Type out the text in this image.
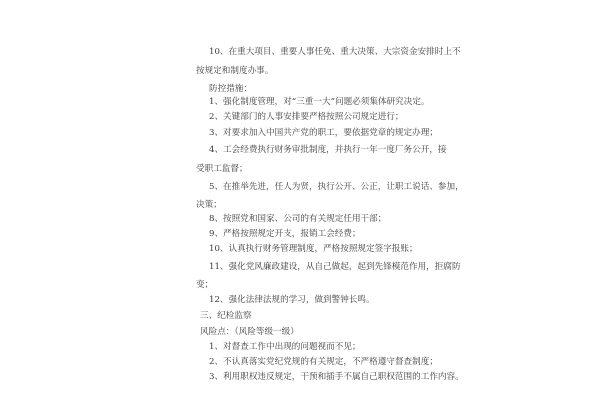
10、在重大项目、重要人事任免、重大决策、大宗资金安排时上不
按规定和制度办事。
防控措施：
1、强化制度管理，对“三重一大”问题必须集体研究决定。
2、关键部门的人事安排要严格按照公司规定进行；
3、对要求加入中国共产党的职工，要依据党章的规定办理；
4、工会经费执行财务审批制度，并执行一年一度厂务公开，接
受职工监督；
5、在推举先进，任人为贤，执行公开、公正，让职工说话、参加，
决策；
8、按照党和国家、公司的有关规定任用干部；
9、严格按照规定开支，报销工会经费；
10、认真执行财务管理制度，严格按照规定签字报账；
11、强化党风廉政建设，从自己做起，起到先锋模范作用，拒腐防
变；
12、强化法律法规的学习，做到警钟长鸣。
三、纪检监察
风险点：（风险等级一级）
1、对督查工作中出现的问题视而不见；
2、不认真落实党纪党规的有关规定，不严格遵守督查制度；
3、利用职权违反规定，干预和插手不属自己职权范围的工作内容。
